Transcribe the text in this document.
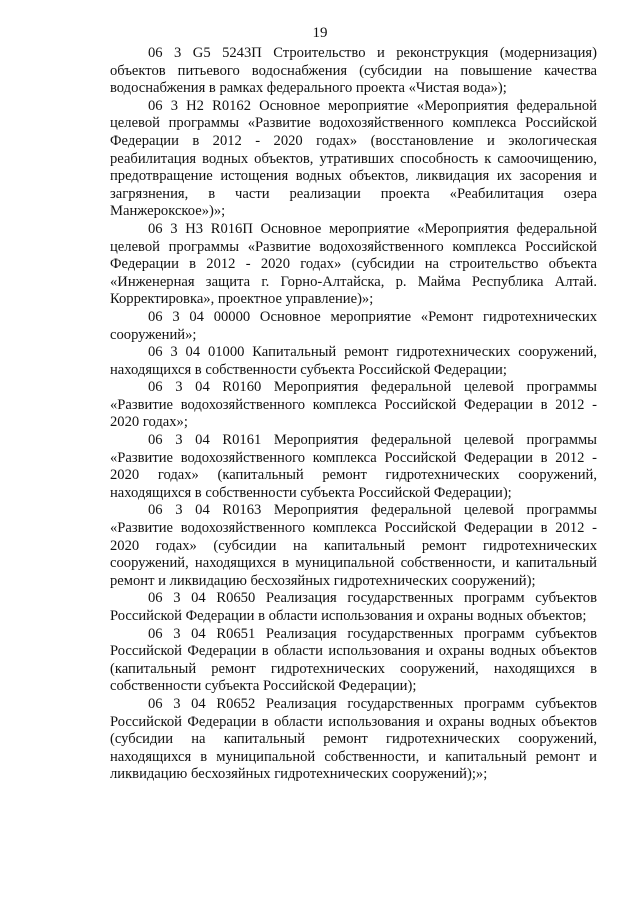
19

06 3 G5 5243П Строительство и реконструкция (модернизация) объектов питьевого водоснабжения (субсидии на повышение качества водоснабжения в рамках федерального проекта «Чистая вода»);

06 3 H2 R0162 Основное мероприятие «Мероприятия федеральной целевой программы «Развитие водохозяйственного комплекса Российской Федерации в 2012 - 2020 годах» (восстановление и экологическая реабилитация водных объектов, утративших способность к самоочищению, предотвращение истощения водных объектов, ликвидация их засорения и загрязнения, в части реализации проекта «Реабилитация озера Манжерокское»)»;

06 3 H3 R016П Основное мероприятие «Мероприятия федеральной целевой программы «Развитие водохозяйственного комплекса Российской Федерации в 2012 - 2020 годах» (субсидии на строительство объекта «Инженерная защита г. Горно-Алтайска, р. Майма Республика Алтай. Корректировка», проектное управление)»;

06 3 04 00000 Основное мероприятие «Ремонт гидротехнических сооружений»;

06 3 04 01000 Капитальный ремонт гидротехнических сооружений, находящихся в собственности субъекта Российской Федерации;

06 3 04 R0160 Мероприятия федеральной целевой программы «Развитие водохозяйственного комплекса Российской Федерации в 2012 - 2020 годах»;

06 3 04 R0161 Мероприятия федеральной целевой программы «Развитие водохозяйственного комплекса Российской Федерации в 2012 - 2020 годах» (капитальный ремонт гидротехнических сооружений, находящихся в собственности субъекта Российской Федерации);

06 3 04 R0163 Мероприятия федеральной целевой программы «Развитие водохозяйственного комплекса Российской Федерации в 2012 - 2020 годах» (субсидии на капитальный ремонт гидротехнических сооружений, находящихся в муниципальной собственности, и капитальный ремонт и ликвидацию бесхозяйных гидротехнических сооружений);

06 3 04 R0650 Реализация государственных программ субъектов Российской Федерации в области использования и охраны водных объектов;

06 3 04 R0651 Реализация государственных программ субъектов Российской Федерации в области использования и охраны водных объектов (капитальный ремонт гидротехнических сооружений, находящихся в собственности субъекта Российской Федерации);

06 3 04 R0652 Реализация государственных программ субъектов Российской Федерации в области использования и охраны водных объектов (субсидии на капитальный ремонт гидротехнических сооружений, находящихся в муниципальной собственности, и капитальный ремонт и ликвидацию бесхозяйных гидротехнических сооружений);»;
